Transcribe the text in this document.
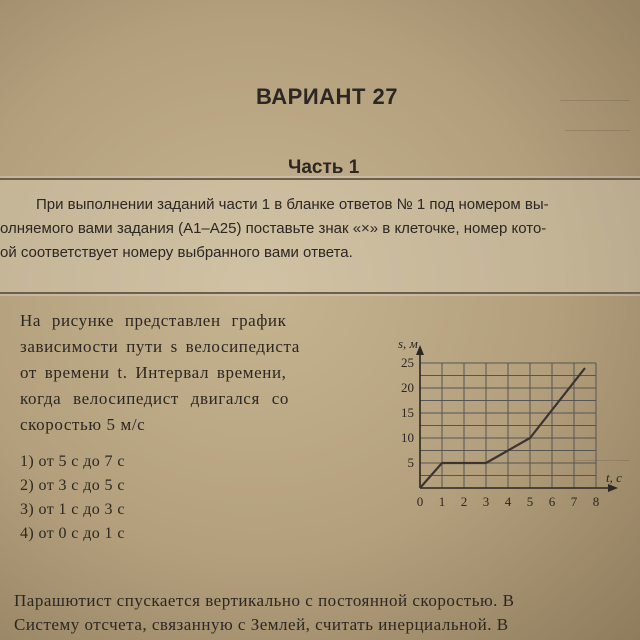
ВАРИАНТ 27
Часть 1
При выполнении заданий части 1 в бланке ответов № 1 под номером вы-
олняемого вами задания (А1–А25) поставьте знак «×» в клеточке, номер кото-
ой соответствует номеру выбранного вами ответа.
На рисунке представлен график
зависимости пути s велосипедиста
от времени t. Интервал времени,
когда велосипедист двигался со
скоростью 5 м/с
1) от 5 с до 7 с
2) от 3 с до 5 с
3) от 1 с до 3 с
4) от 0 с до 1 с
0 1 2 3 4 5 6 7 8
5
10
15
20
25
s, м
t, с
Парашютист спускается вертикально с постоянной скоростью. В
Систему отсчета, связанную с Землей, считать инерциальной. В
